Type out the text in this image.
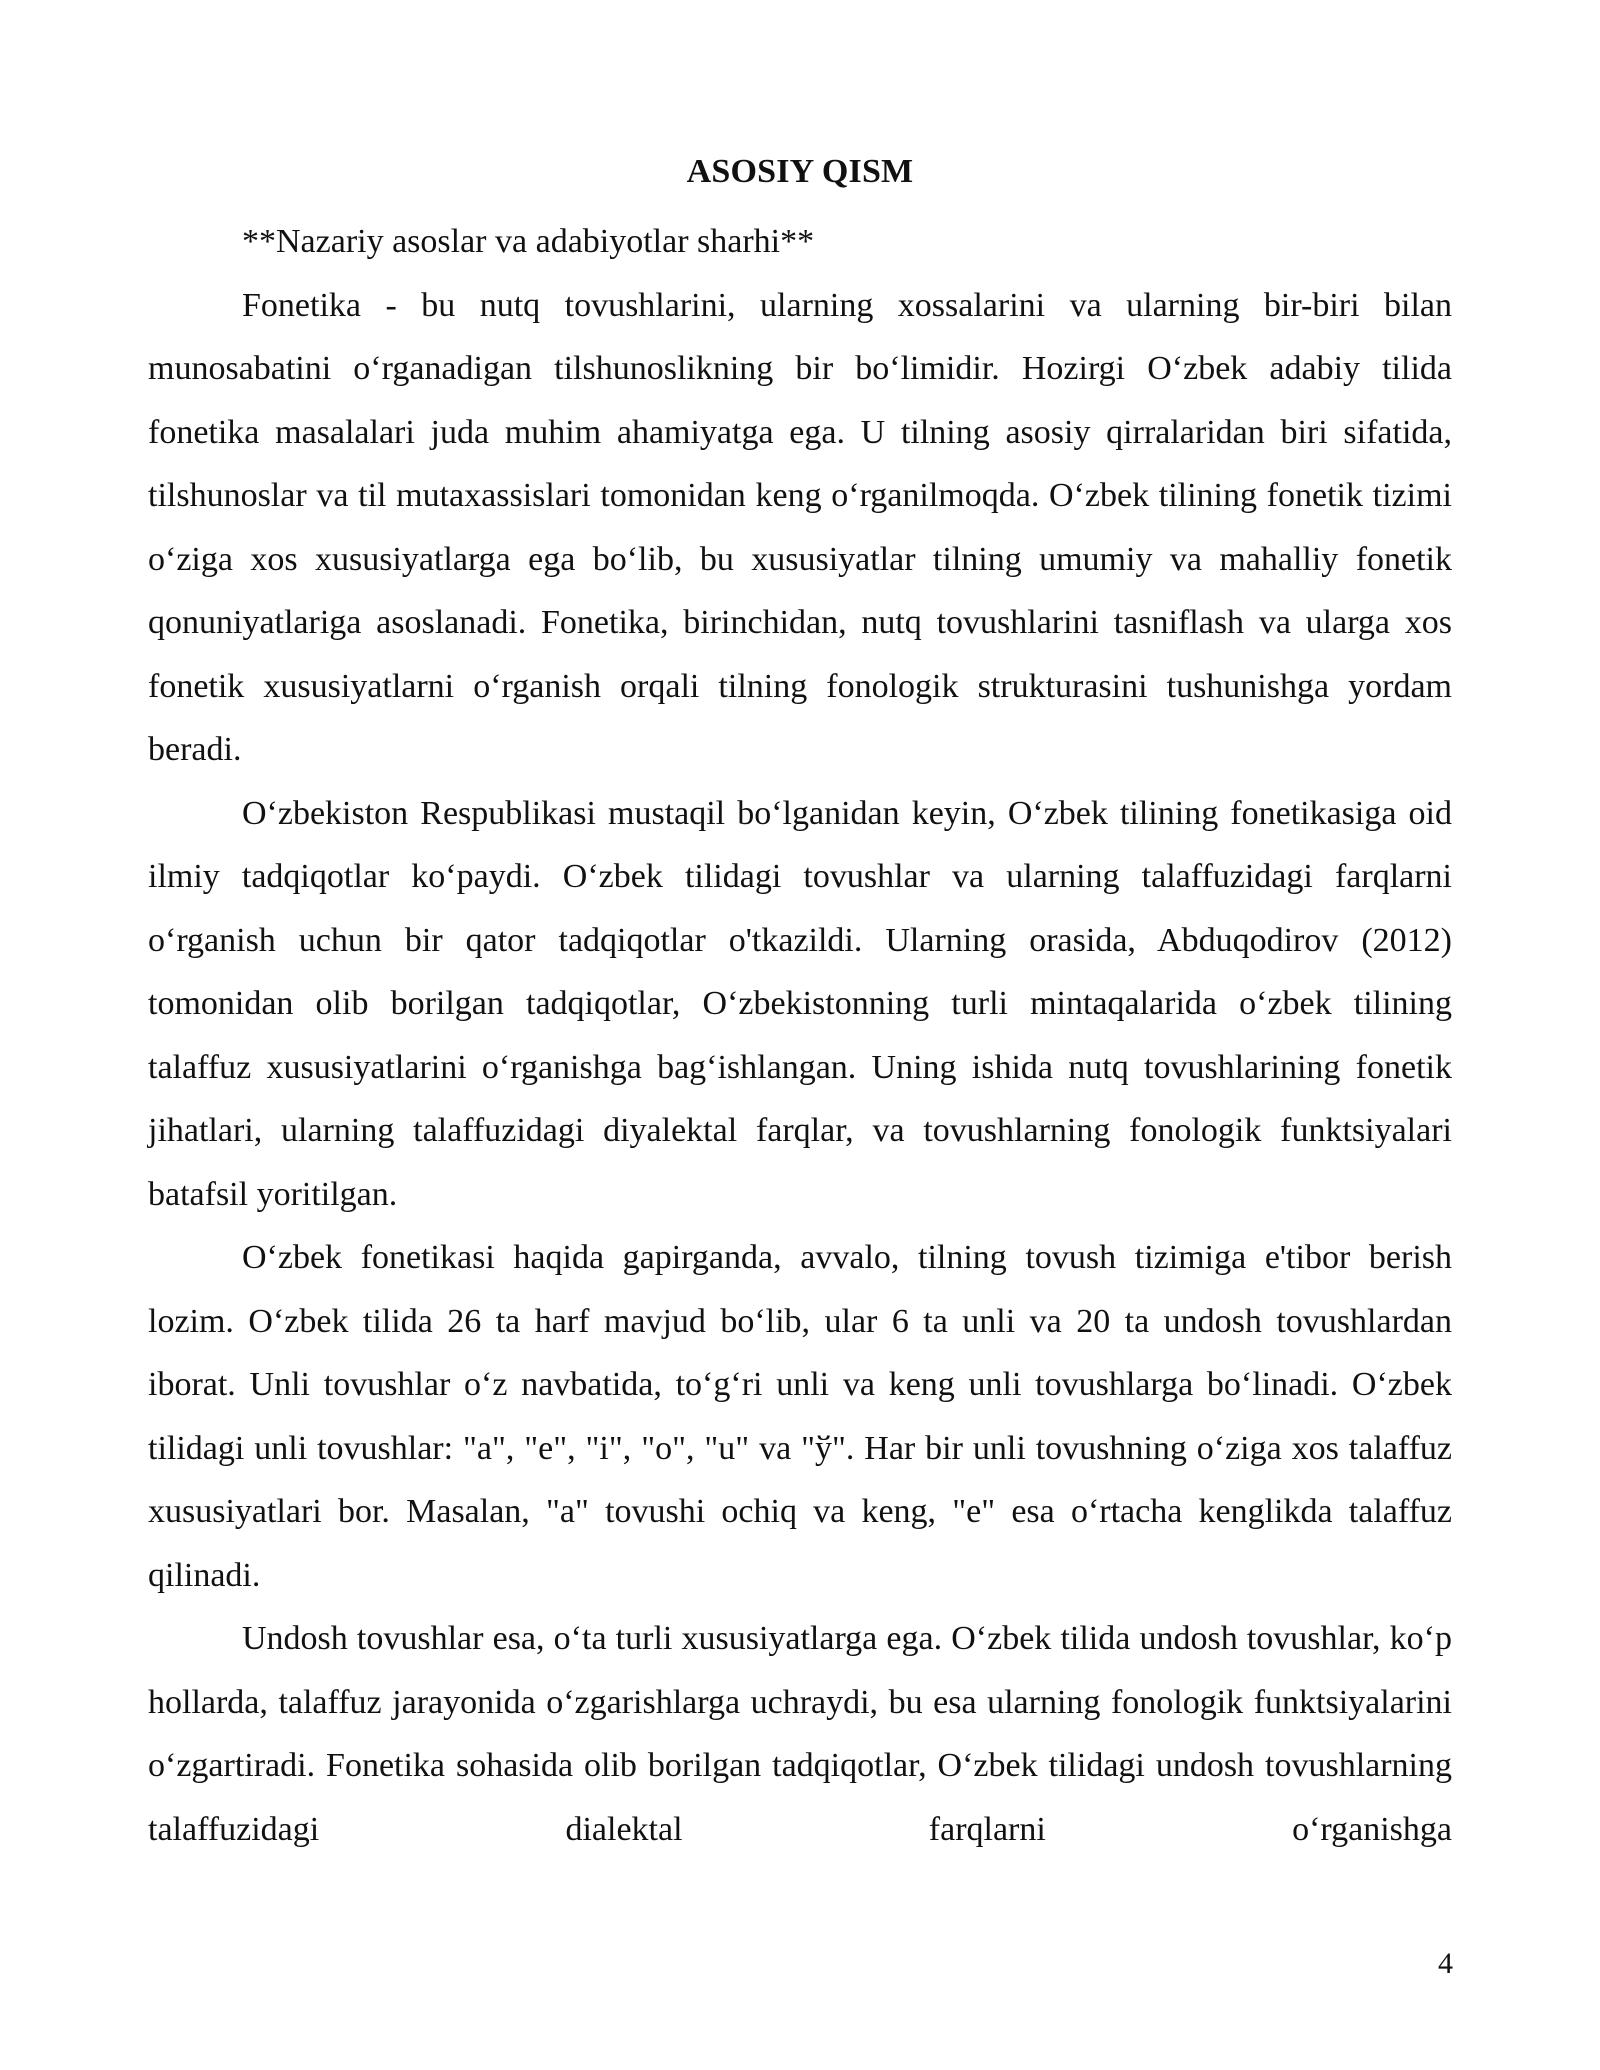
ASOSIY QISM

**Nazariy asoslar va adabiyotlar sharhi**

Fonetika - bu nutq tovushlarini, ularning xossalarini va ularning bir-biri bilan munosabatini o‘rganadigan tilshunoslikning bir bo‘limidir. Hozirgi O‘zbek adabiy tilida fonetika masalalari juda muhim ahamiyatga ega. U tilning asosiy qirralaridan biri sifatida, tilshunoslar va til mutaxassislari tomonidan keng o‘rganilmoqda. O‘zbek tilining fonetik tizimi o‘ziga xos xususiyatlarga ega bo‘lib, bu xususiyatlar tilning umumiy va mahalliy fonetik qonuniyatlariga asoslanadi. Fonetika, birinchidan, nutq tovushlarini tasniflash va ularga xos fonetik xususiyatlarni o‘rganish orqali tilning fonologik strukturasini tushunishga yordam beradi.

O‘zbekiston Respublikasi mustaqil bo‘lganidan keyin, O‘zbek tilining fonetikasiga oid ilmiy tadqiqotlar ko‘paydi. O‘zbek tilidagi tovushlar va ularning talaffuzidagi farqlarni o‘rganish uchun bir qator tadqiqotlar o'tkazildi. Ularning orasida, Abduqodirov (2012) tomonidan olib borilgan tadqiqotlar, O‘zbekistonning turli mintaqalarida o‘zbek tilining talaffuz xususiyatlarini o‘rganishga bag‘ishlangan. Uning ishida nutq tovushlarining fonetik jihatlari, ularning talaffuzidagi diyalektal farqlar, va tovushlarning fonologik funktsiyalari batafsil yoritilgan.

O‘zbek fonetikasi haqida gapirganda, avvalo, tilning tovush tizimiga e'tibor berish lozim. O‘zbek tilida 26 ta harf mavjud bo‘lib, ular 6 ta unli va 20 ta undosh tovushlardan iborat. Unli tovushlar o‘z navbatida, to‘g‘ri unli va keng unli tovushlarga bo‘linadi. O‘zbek tilidagi unli tovushlar: "a", "e", "i", "o", "u" va "ў". Har bir unli tovushning o‘ziga xos talaffuz xususiyatlari bor. Masalan, "a" tovushi ochiq va keng, "e" esa o‘rtacha kenglikda talaffuz qilinadi.

Undosh tovushlar esa, o‘ta turli xususiyatlarga ega. O‘zbek tilida undosh tovushlar, ko‘p hollarda, talaffuz jarayonida o‘zgarishlarga uchraydi, bu esa ularning fonologik funktsiyalarini o‘zgartiradi. Fonetika sohasida olib borilgan tadqiqotlar, O‘zbek tilidagi undosh tovushlarning talaffuzidagi dialektal farqlarni o‘rganishga

4
